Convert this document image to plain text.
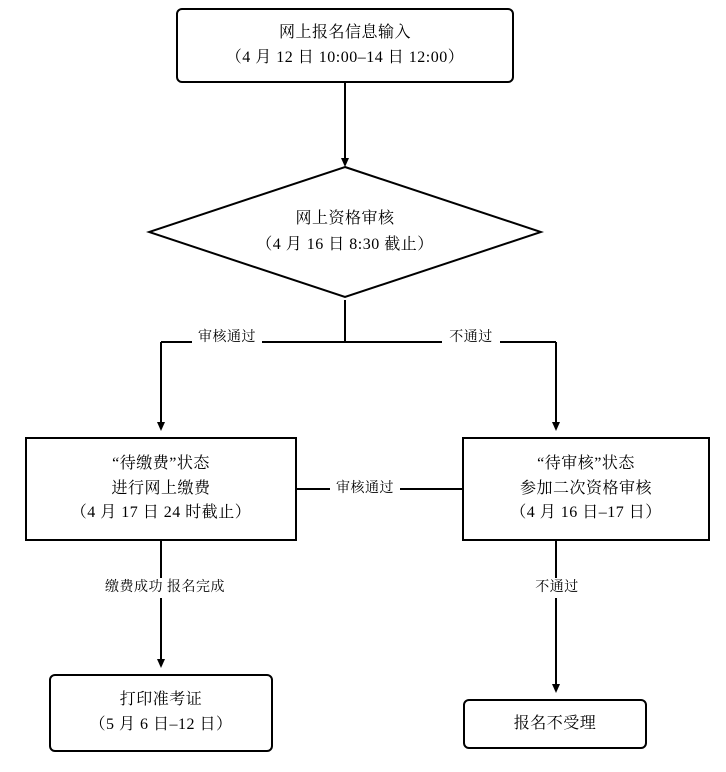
网上报名信息输入
（4 月 12 日 10:00–14 日 12:00）
网上资格审核
（4 月 16 日 8:30 截止）
审核通过	不通过
“待缴费”状态
进行网上缴费
（4 月 17 日 24 时截止）
“待审核”状态
参加二次资格审核
（4 月 16 日–17 日）
审核通过
缴费成功 报名完成	不通过
打印准考证
（5 月 6 日–12 日）	报名不受理
